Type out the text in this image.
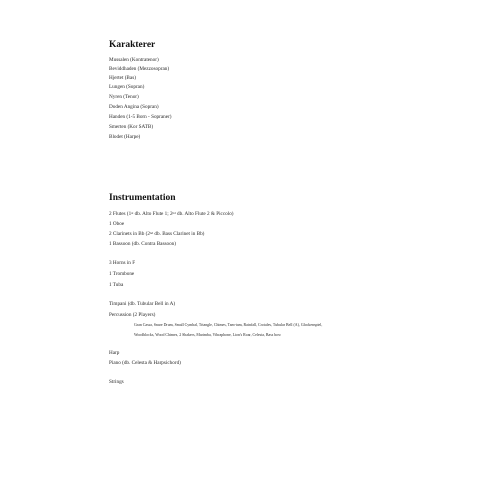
Karakterer
Mussalen (Kontratenor)
Beviddhaden (Mezzosopran)
Hjertet (Bas)
Lungen (Sopran)
Nyren (Tenor)
Doden Angina (Sopran)
Handen (1-5 Born - Sopraner)
Smerten (Kor SATB)
Blodet (Harpe)
Instrumentation
2 Flutes (1st db. Alto Flute 1; 2nd db. Alto Flute 2 & Piccolo)
1 Oboe
2 Clarinets in Bb (2nd db. Bass Clarinet in Bb)
1 Bassoon (db. Contra Bassoon)
3 Horns in F
1 Trombone
1 Tuba
Timpani (db. Tubular Bell in A)
Percussion (2 Players)
Gran Cassa, Snare Drum, Small Cymbal, Triangle, Chimes, Tam-tam, Rainfall, Crotales, Tubular Bell (A), Glockenspiel,
Woodblocks, Wood Chimes, 2 Shakers, Marimba, Vibraphone, Lion's Roar, Celesta, Bass bow
Harp
Piano (db. Celesta & Harpsichord)
Strings
